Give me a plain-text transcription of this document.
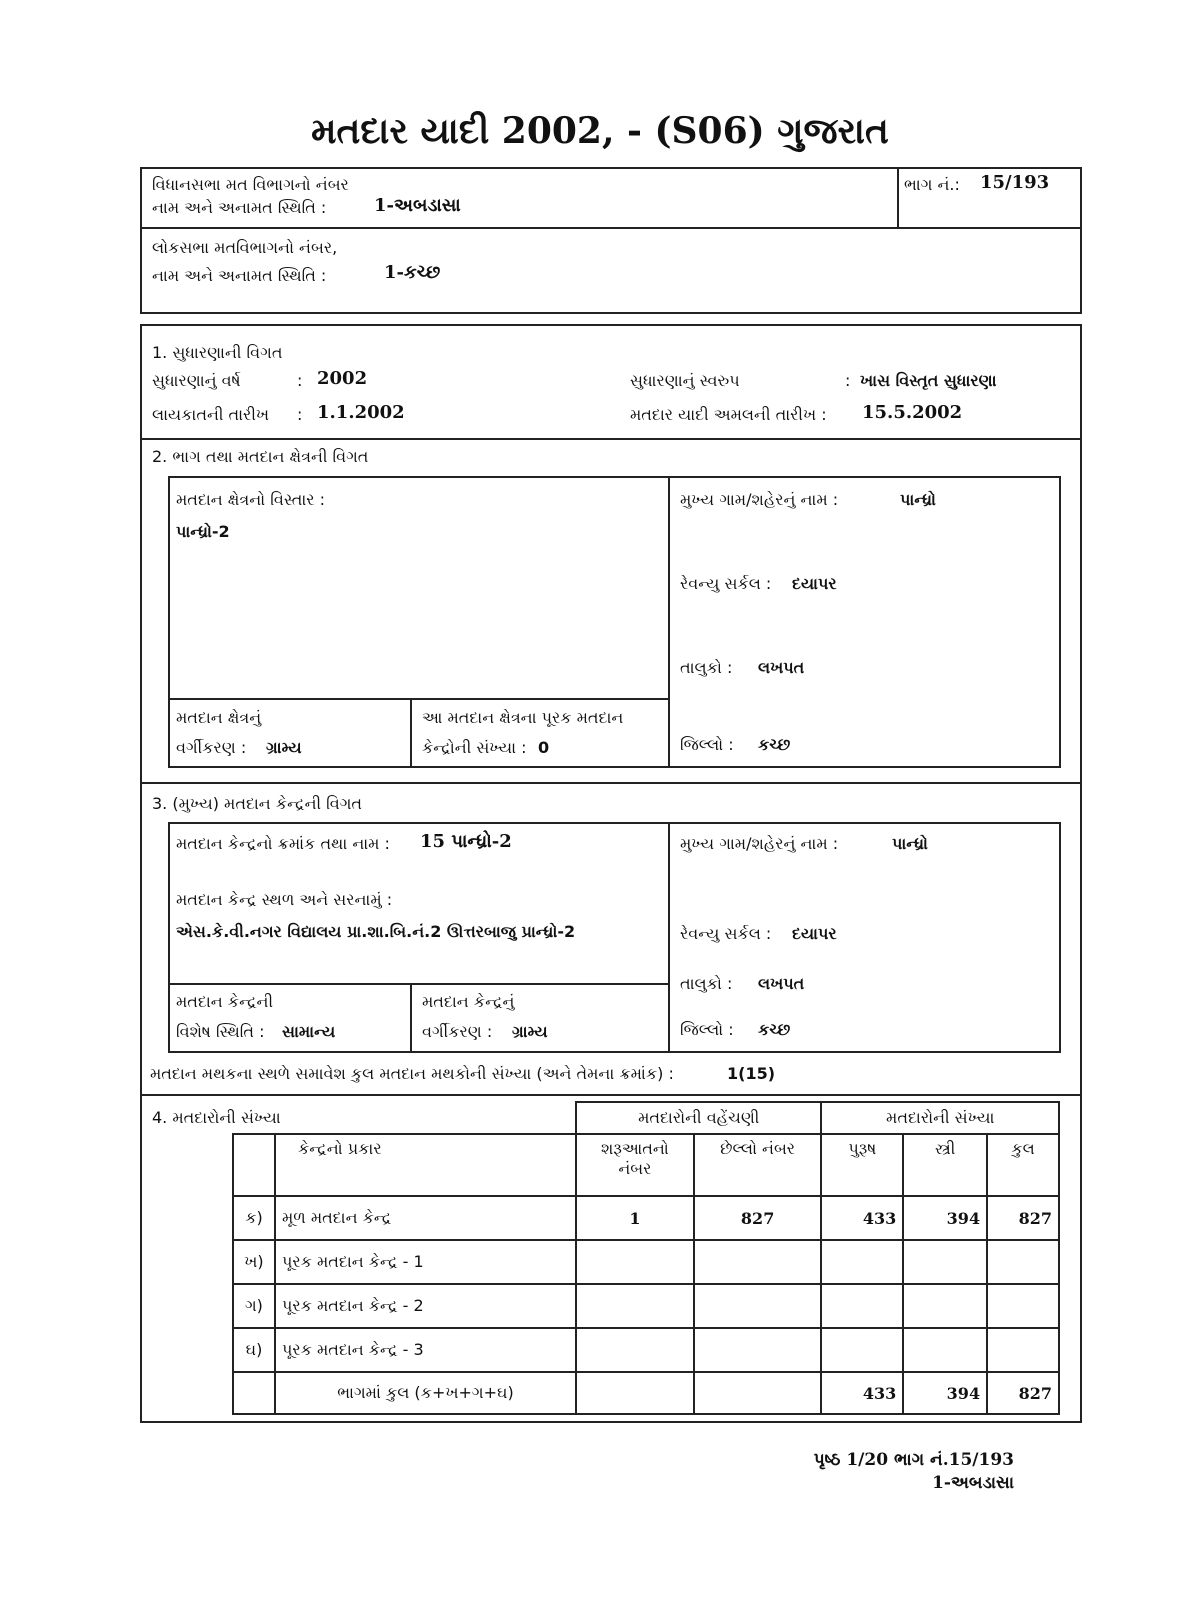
મતદાર યાદી 2002, - (S06) ગુજરાત
વિધાનસભા મત વિભાગનો નંબર
નામ અને અનામત સ્થિતિ :	1-અબડાસા
ભાગ નં.: 15/193
લોકસભા મતવિભાગનો નંબર,
નામ અને અનામત સ્થિતિ :	1-કચ્છ
1. સુધારણાની વિગત
સુધારણાનું વર્ષ	: 2002
લાયકાતની તારીખ : 1.1.2002
સુધારણાનું સ્વરુપ	: ખાસ વિસ્તૃત સુધારણા
મતદાર યાદી અમલની તારીખ : 15.5.2002
2. ભાગ તથા મતદાન ક્ષેત્રની વિગત
મતદાન ક્ષેત્રનો વિસ્તાર :
પાન્ધ્રો-2
મુખ્ય ગામ/શહેરનું નામ :	પાન્ધ્રો
રેવન્યુ સર્કલ : દયાપર
તાલુકો : લખપત
જિલ્લો : કચ્છ
મતદાન ક્ષેત્રનું
વર્ગીકરણ : ગ્રામ્ય
આ મતદાન ક્ષેત્રના પૂરક મતદાન
કેન્દ્રોની સંખ્યા : 0
3. (મુખ્ય) મતદાન કેન્દ્રની વિગત
મતદાન કેન્દ્રનો ક્રમાંક તથા નામ : 15 પાન્ધ્રો-2
મતદાન કેન્દ્ર સ્થળ અને સરનામું :
એસ.કે.વી.નગર વિદ્યાલય પ્રા.શા.બિ.નં.2 ઊત્તરબાજુ પ્રાન્ધ્રો-2
મુખ્ય ગામ/શહેરનું નામ :	પાન્ધ્રો
રેવન્યુ સર્કલ : દયાપર
તાલુકો : લખપત
જિલ્લો : કચ્છ
મતદાન કેન્દ્રની
વિશેષ સ્થિતિ : સામાન્ય
મતદાન કેન્દ્રનું
વર્ગીકરણ : ગ્રામ્ય
મતદાન મથકના સ્થળે સમાવેશ કુલ મતદાન મથકોની સંખ્યા (અને તેમના ક્રમાંક) :	1(15)
4. મતદારોની સંખ્યા
		મતદારોની વહેંચણી		મતદારોની સંખ્યા		
	કેન્દ્રનો પ્રકાર	શરૂઆતનો નંબર	છેલ્લો નંબર	પુરૂષ	સ્ત્રી	કુલ
ક)	મૂળ મતદાન કેન્દ્ર	1	827	433	394	827
ખ)	પૂરક મતદાન કેન્દ્ર - 1					
ગ)	પૂરક મતદાન કેન્દ્ર - 2					
ઘ)	પૂરક મતદાન કેન્દ્ર - 3					
	ભાગમાં કુલ (ક+ખ+ગ+ઘ)			433	394	827
પૃષ્ઠ 1/20 ભાગ નં.15/193
1-અબડાસા
